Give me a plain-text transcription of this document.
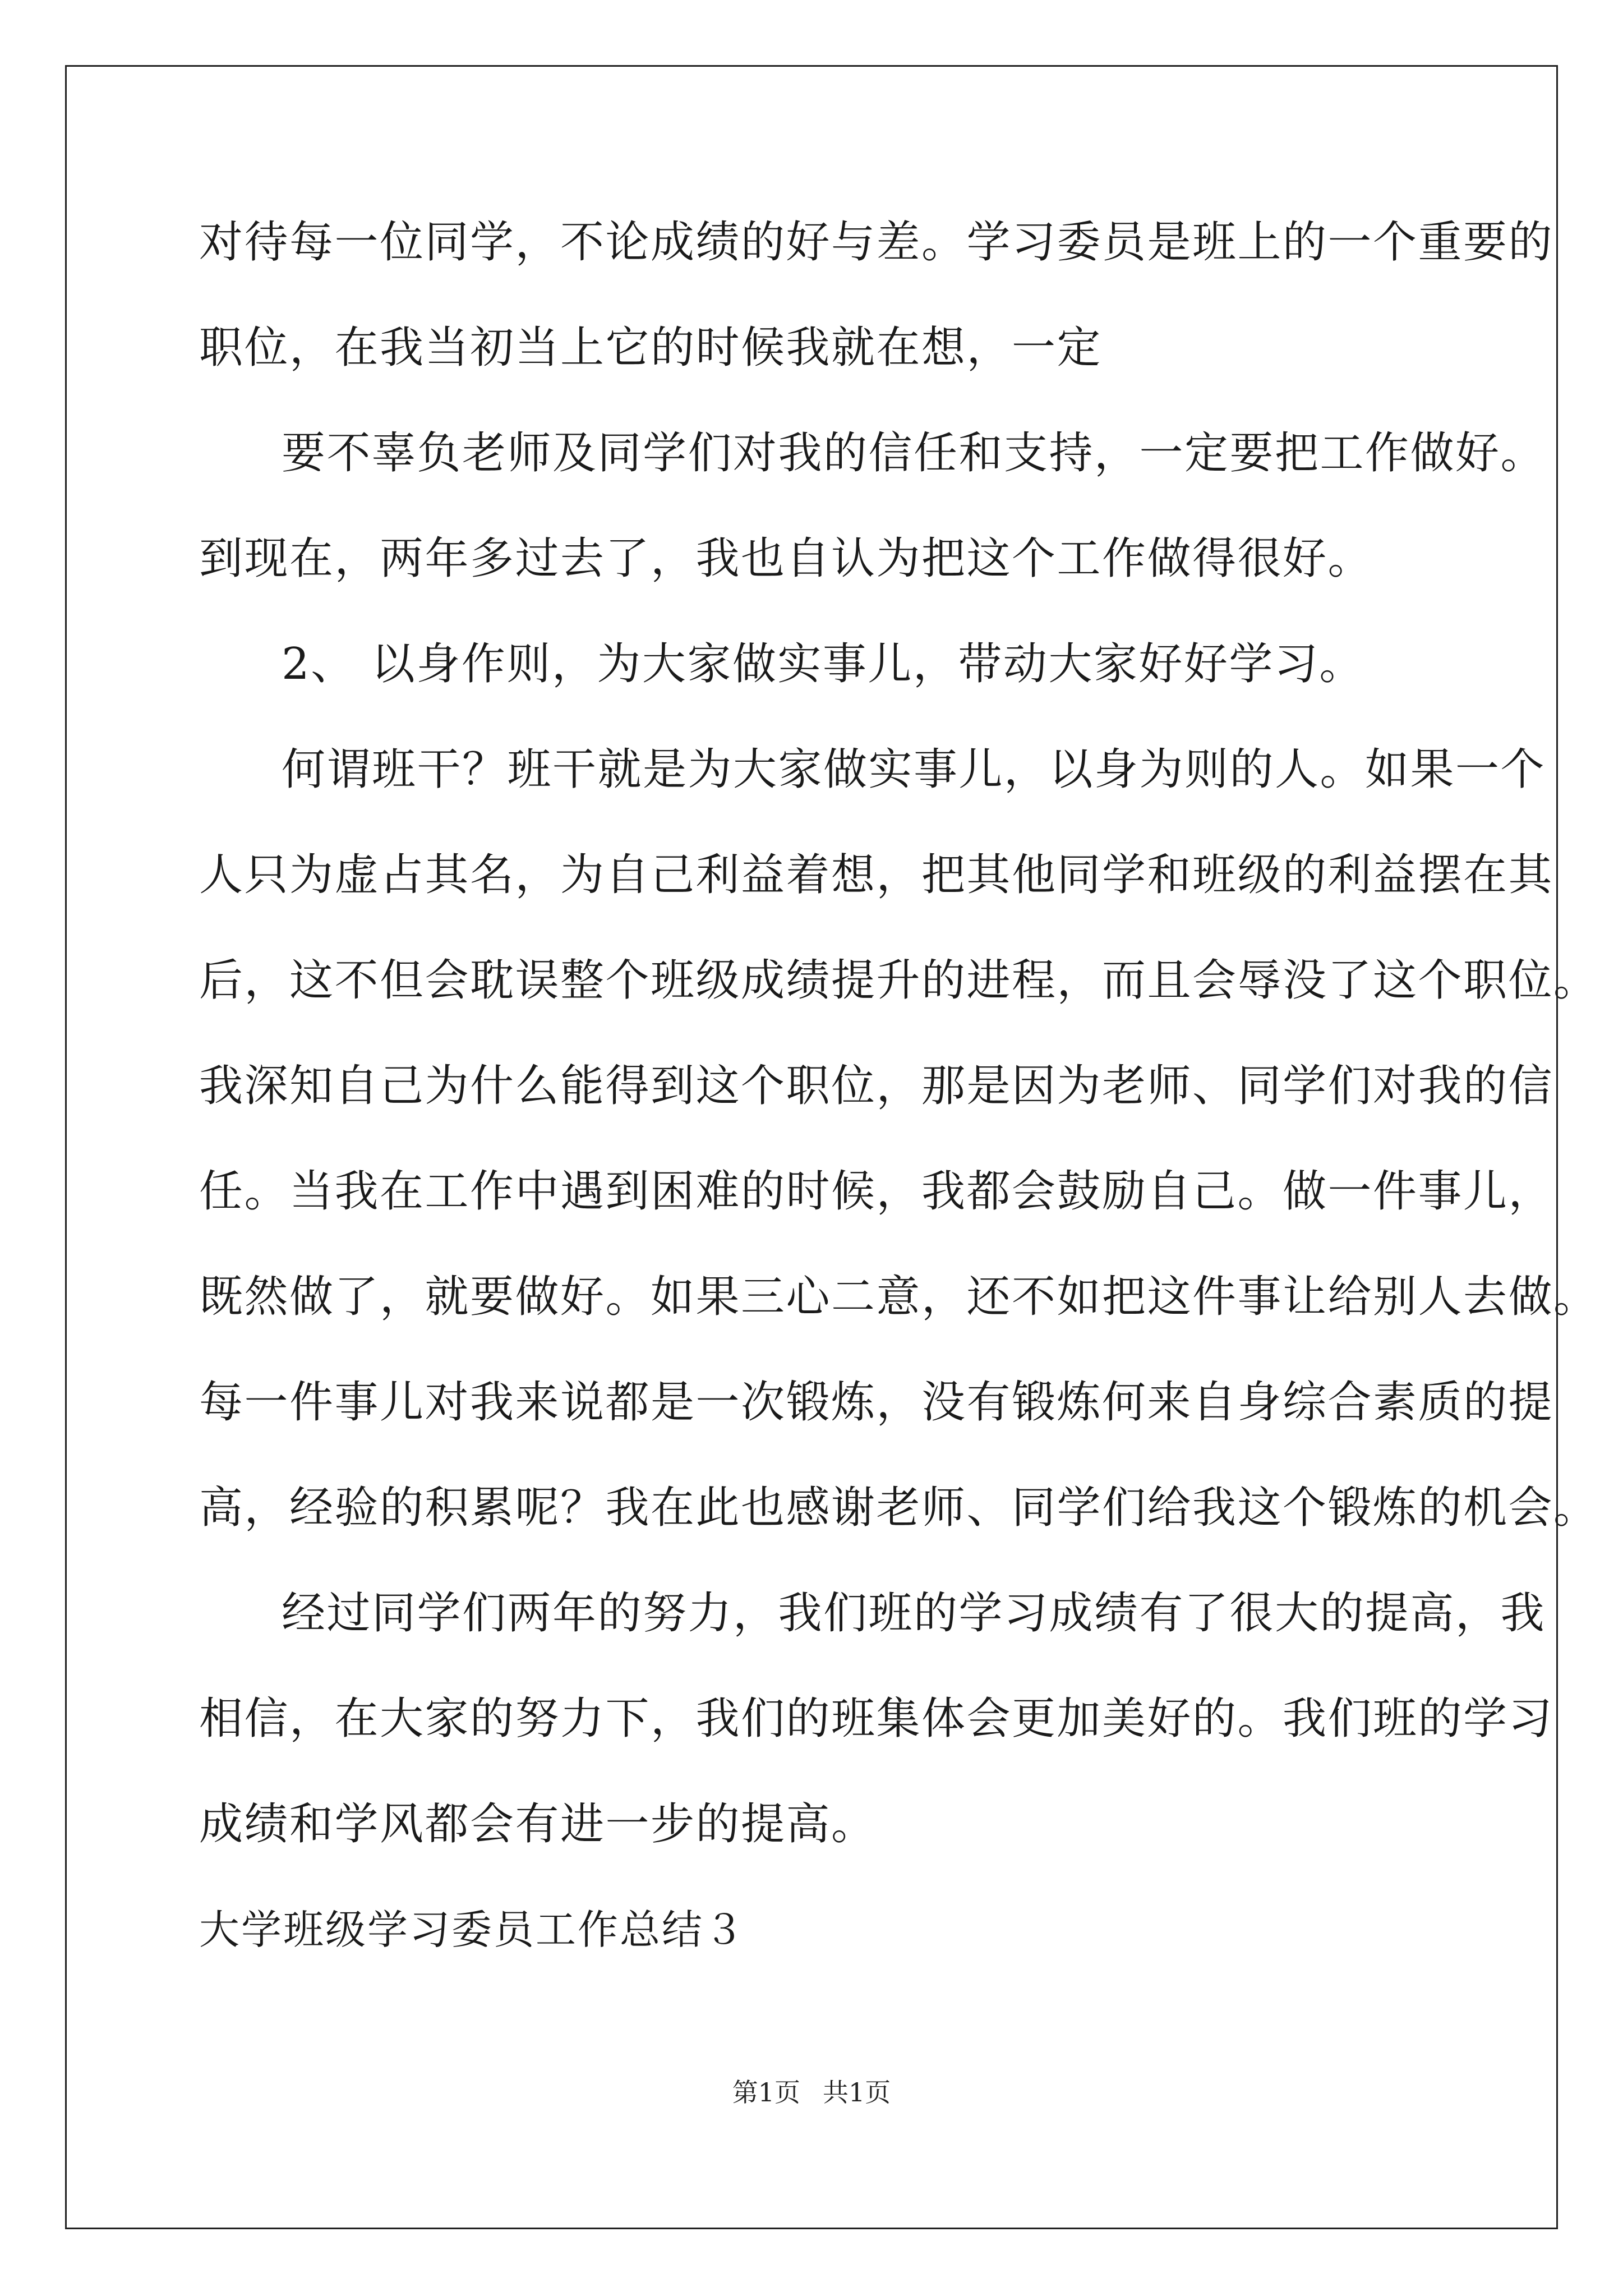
对待每一位同学，不论成绩的好与差。学习委员是班上的一个重要的
职位，在我当初当上它的时候我就在想，一定
要不辜负老师及同学们对我的信任和支持，一定要把工作做好。
到现在，两年多过去了，我也自认为把这个工作做得很好。
2、 以身作则，为大家做实事儿，带动大家好好学习。
何谓班干？班干就是为大家做实事儿，以身为则的人。如果一个
人只为虚占其名，为自己利益着想，把其他同学和班级的利益摆在其
后，这不但会耽误整个班级成绩提升的进程，而且会辱没了这个职位。
我深知自己为什么能得到这个职位，那是因为老师、同学们对我的信
任。当我在工作中遇到困难的时候，我都会鼓励自己。做一件事儿，
既然做了，就要做好。如果三心二意，还不如把这件事让给别人去做。
每一件事儿对我来说都是一次锻炼，没有锻炼何来自身综合素质的提
高，经验的积累呢？我在此也感谢老师、同学们给我这个锻炼的机会。
经过同学们两年的努力，我们班的学习成绩有了很大的提高，我
相信，在大家的努力下，我们的班集体会更加美好的。我们班的学习
成绩和学风都会有进一步的提高。
大学班级学习委员工作总结３
第1页 共1页
